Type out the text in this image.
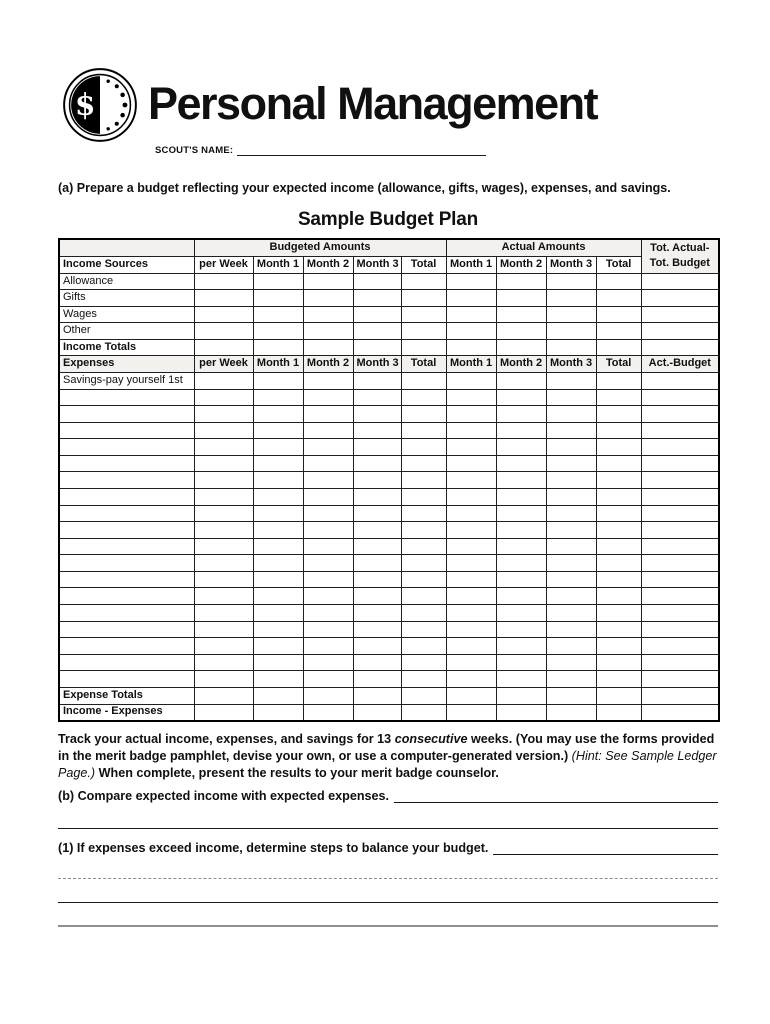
$ Personal Management
SCOUT'S NAME:

(a) Prepare a budget reflecting your expected income (allowance, gifts, wages), expenses, and savings.

Sample Budget Plan
	Budgeted Amounts					Actual Amounts				Tot. Actual-
Tot. Budget

Income Sources	per Week	Month 1	Month 2	Month 3	Total	Month 1	Month 2	Month 3	Total	
Allowance										
Gifts										
Wages										
Other										
Income Totals										
Expenses	per Week	Month 1	Month 2	Month 3	Total	Month 1	Month 2	Month 3	Total	Act.-Budget
Savings-pay yourself 1st										

Expense Totals										
Income - Expenses										

Track your actual income, expenses, and savings for 13 consecutive weeks. (You may use the forms provided in the merit badge pamphlet, devise your own, or use a computer-generated version.) (Hint: See Sample Ledger Page.) When complete, present the results to your merit badge counselor.

(b) Compare expected income with expected expenses.
(1) If expenses exceed income, determine steps to balance your budget.
